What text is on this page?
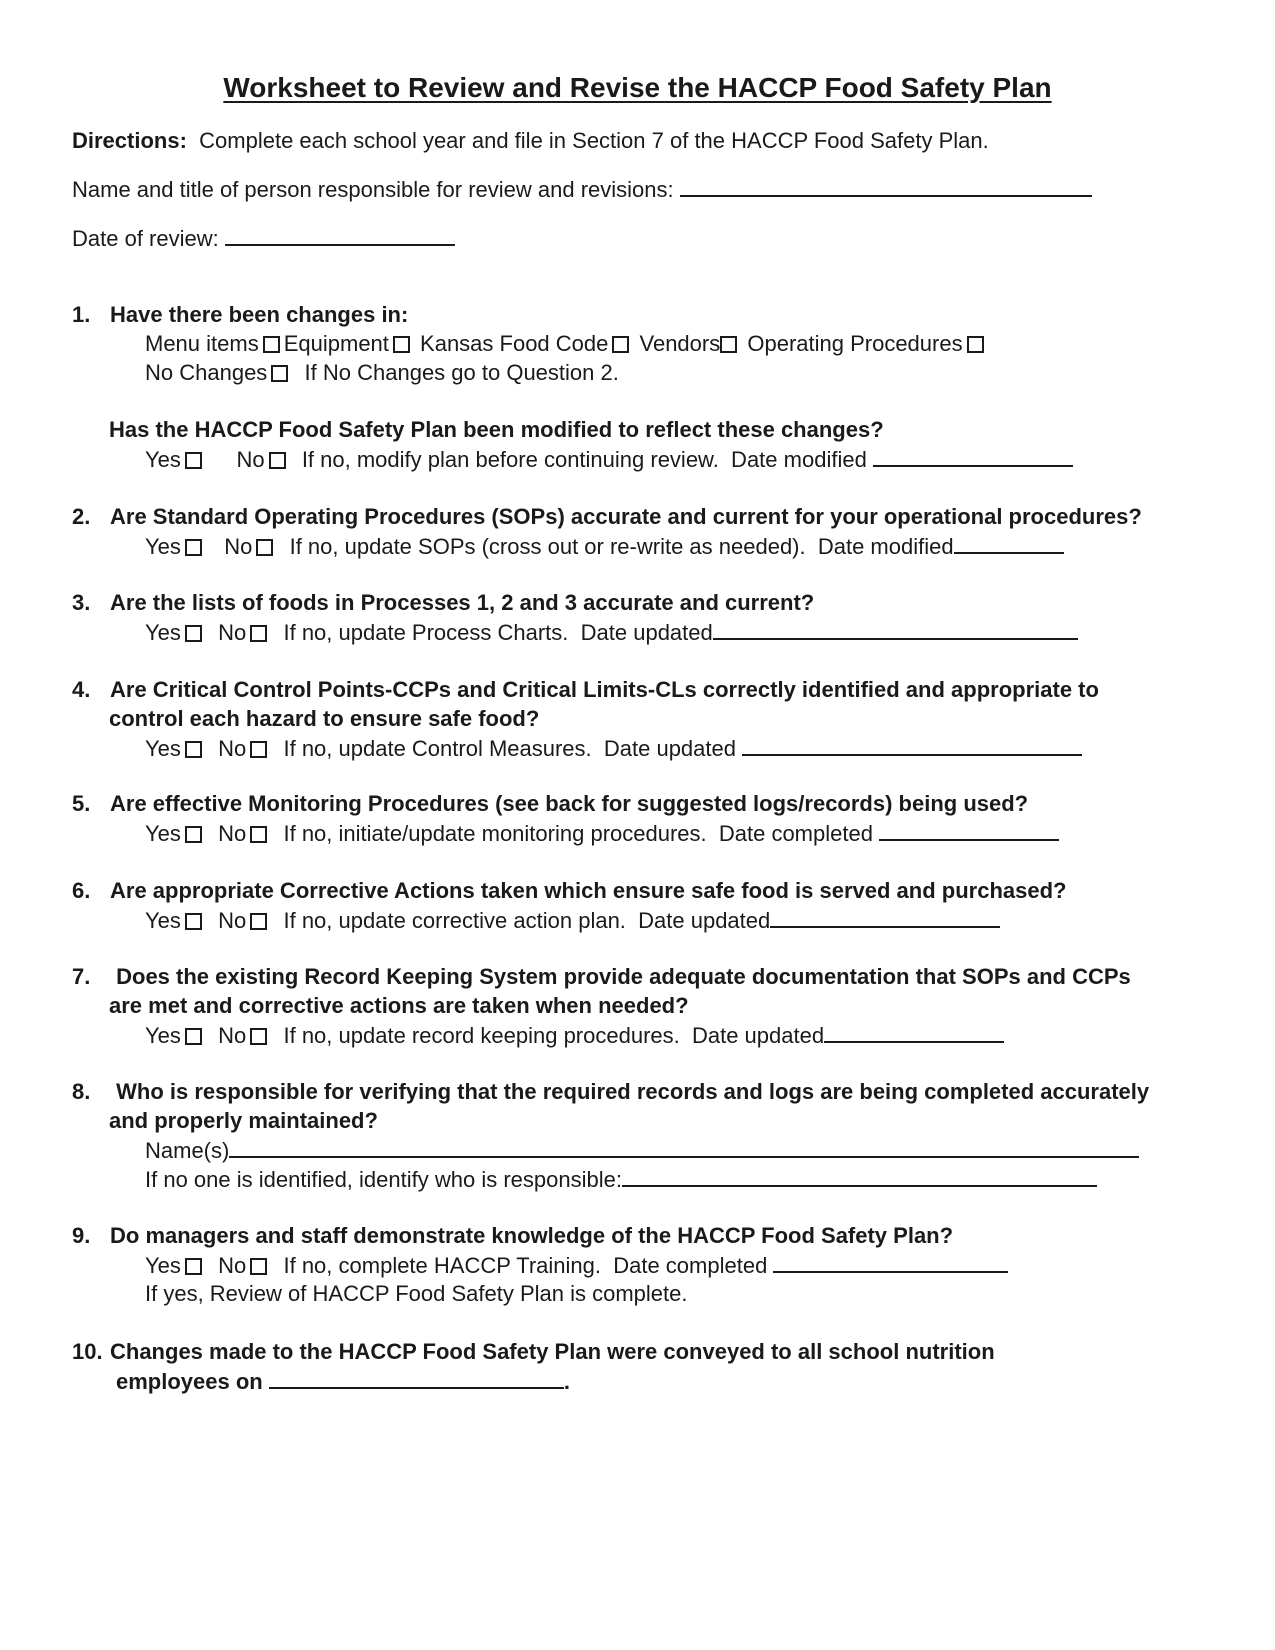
Worksheet to Review and Revise the HACCP Food Safety Plan
Directions: Complete each school year and file in Section 7 of the HACCP Food Safety Plan.
Name and title of person responsible for review and revisions:
Date of review:
1. Have there been changes in:
Menu items Equipment Kansas Food Code Vendors Operating Procedures
No Changes If No Changes go to Question 2.
Has the HACCP Food Safety Plan been modified to reflect these changes?
Yes	No If no, modify plan before continuing review.  Date modified
2. Are Standard Operating Procedures (SOPs) accurate and current for your operational procedures?
Yes No If no, update SOPs (cross out or re-write as needed).  Date modified
3. Are the lists of foods in Processes 1, 2 and 3 accurate and current?
Yes No If no, update Process Charts.  Date updated
4. Are Critical Control Points-CCPs and Critical Limits-CLs correctly identified and appropriate to
control each hazard to ensure safe food?
Yes No If no, update Control Measures.  Date updated
5. Are effective Monitoring Procedures (see back for suggested logs/records) being used?
Yes No If no, initiate/update monitoring procedures.  Date completed
6. Are appropriate Corrective Actions taken which ensure safe food is served and purchased?
Yes No If no, update corrective action plan.  Date updated
7. Does the existing Record Keeping System provide adequate documentation that SOPs and CCPs
are met and corrective actions are taken when needed?
Yes No If no, update record keeping procedures.  Date updated
8. Who is responsible for verifying that the required records and logs are being completed accurately
and properly maintained?
Name(s)
If no one is identified, identify who is responsible:
9. Do managers and staff demonstrate knowledge of the HACCP Food Safety Plan?
Yes No If no, complete HACCP Training.  Date completed
If yes, Review of HACCP Food Safety Plan is complete.
10. Changes made to the HACCP Food Safety Plan were conveyed to all school nutrition
employees on	.
